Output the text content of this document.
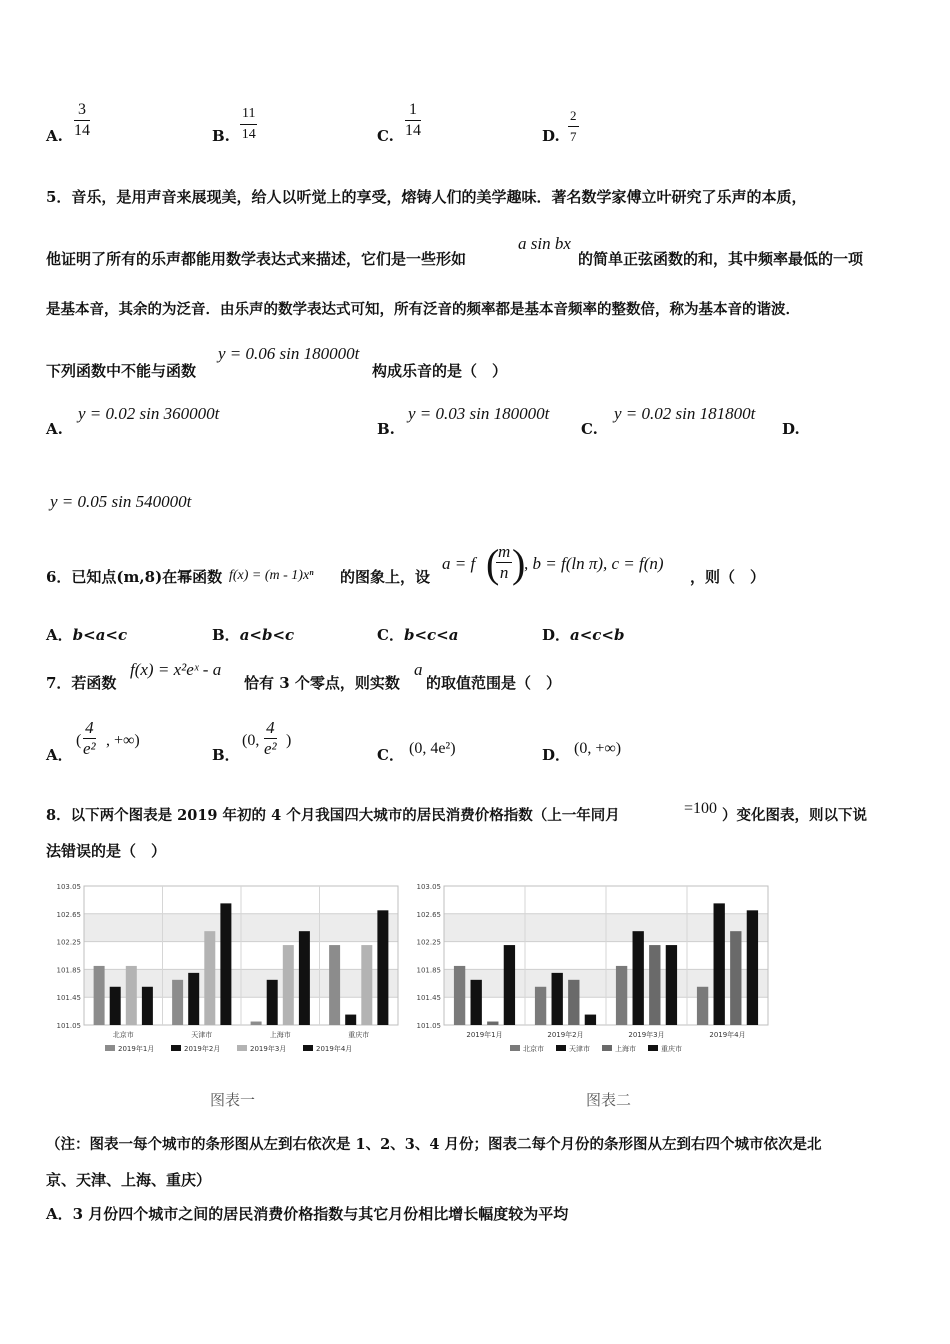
A. $\frac{3}{14}$	B. $\frac{11}{14}$	C. $\frac{1}{14}$	D. $\frac{2}{7}$
5．音乐，是用声音来展现美，给人以听觉上的享受，熔铸人们的美学趣味．著名数学家傅立叶研究了乐声的本质，
他证明了所有的乐声都能用数学表达式来描述，它们是一些形如
a sin bx
的简单正弦函数的和，其中频率最低的一项
是基本音，其余的为泛音．由乐声的数学表达式可知，所有泛音的频率都是基本音频率的整数倍，称为基本音的谐波．
下列函数中不能与函数
y = 0.06 sin 180000t
构成乐音的是（　）
A.
y = 0.02 sin 360000t
B.
y = 0.03 sin 180000t
C.
y = 0.02 sin 181800t
D.
y = 0.05 sin 540000t
6．已知点(m,8)在幂函数 f(x) = (m - 1)xⁿ 的图象上，设
a = f (
$\frac{m}{n}$ )
, b = f(ln π), c = f(n)
，则（　）
A．b<a<c	B．a<b<c	C．b<c<a	D．a<c<b
7．若函数
f(x) = x²eˣ - a
恰有 3 个零点，则实数
a
的取值范围是（　）
A．
( $\frac{4}{\text{e²}}$ , +∞)
B．
(0, $\frac{4}{\text{e²}}$ )
C． (0, 4e²)	D． (0, +∞)
8．以下两个图表是 2019 年初的 4 个月我国四大城市的居民消费价格指数（上一年同月	=100 ）变化图表，则以下说
法错误的是（　）
101.05
101.45
101.85
102.25
102.65
103.05
北京市	天津市	上海市	重庆市
2019年1月	2019年2月	2019年3月	2019年4月
101.05
101.45
101.85
102.25
102.65
103.05
2019年1月	2019年2月	2019年3月	2019年4月
北京市	天津市	上海市	重庆市
图表一	图表二
（注：图表一每个城市的条形图从左到右依次是 1、2、3、4 月份；图表二每个月份的条形图从左到右四个城市依次是北
京、天津、上海、重庆）
A．3 月份四个城市之间的居民消费价格指数与其它月份相比增长幅度较为平均
